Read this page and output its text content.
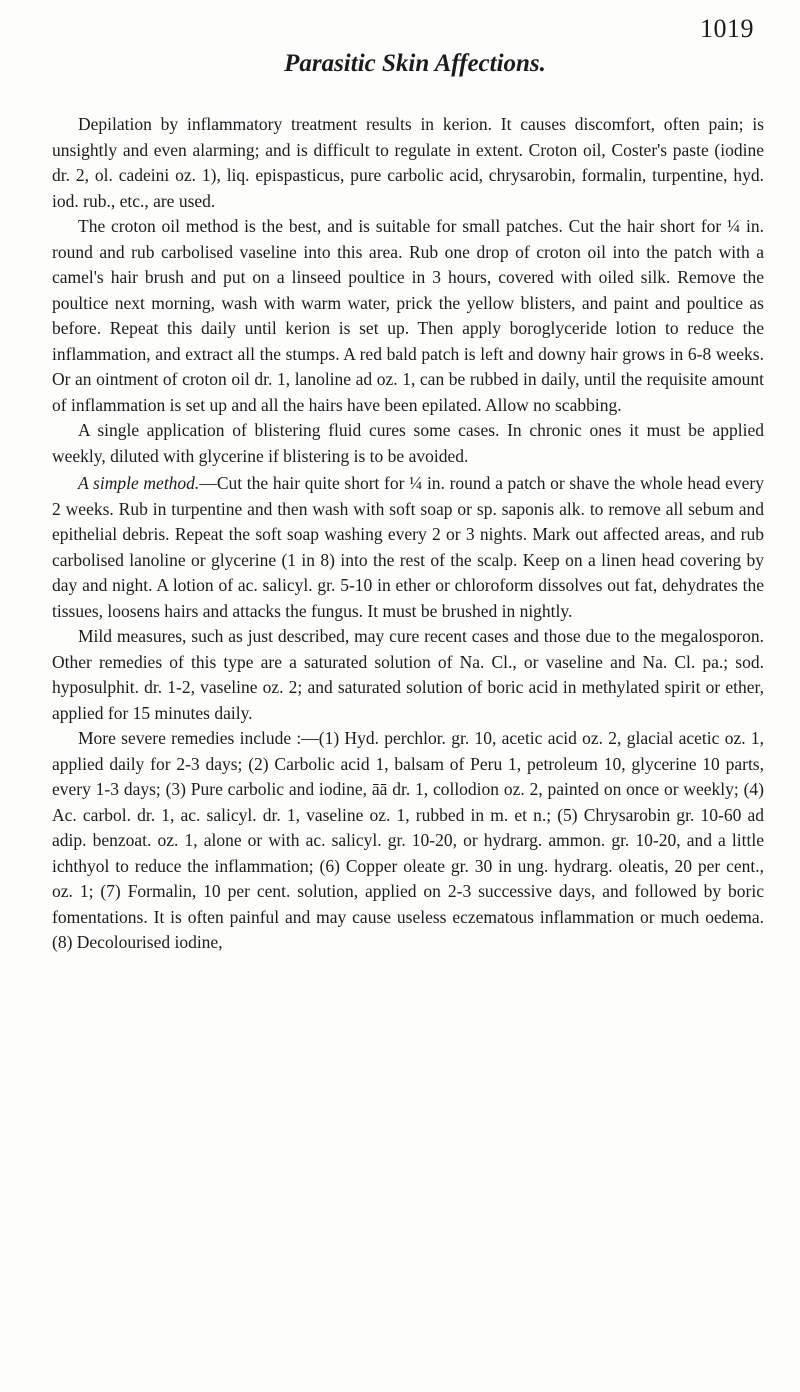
1019
Parasitic Skin Affections.

Depilation by inflammatory treatment results in kerion. It causes discomfort, often pain; is unsightly and even alarming; and is difficult to regulate in extent. Croton oil, Coster's paste (iodine dr. 2, ol. cadeini oz. 1), liq. epispasticus, pure carbolic acid, chrysarobin, formalin, turpentine, hyd. iod. rub., etc., are used.

The croton oil method is the best, and is suitable for small patches. Cut the hair short for ¼ in. round and rub carbolised vaseline into this area. Rub one drop of croton oil into the patch with a camel's hair brush and put on a linseed poultice in 3 hours, covered with oiled silk. Remove the poultice next morning, wash with warm water, prick the yellow blisters, and paint and poultice as before. Repeat this daily until kerion is set up. Then apply boroglyceride lotion to reduce the inflammation, and extract all the stumps. A red bald patch is left and downy hair grows in 6-8 weeks. Or an ointment of croton oil dr. 1, lanoline ad oz. 1, can be rubbed in daily, until the requisite amount of inflammation is set up and all the hairs have been epilated. Allow no scabbing.

A single application of blistering fluid cures some cases. In chronic ones it must be applied weekly, diluted with glycerine if blistering is to be avoided.

A simple method.—Cut the hair quite short for ¼ in. round a patch or shave the whole head every 2 weeks. Rub in turpentine and then wash with soft soap or sp. saponis alk. to remove all sebum and epithelial debris. Repeat the soft soap washing every 2 or 3 nights. Mark out affected areas, and rub carbolised lanoline or glycerine (1 in 8) into the rest of the scalp. Keep on a linen head covering by day and night. A lotion of ac. salicyl. gr. 5-10 in ether or chloroform dissolves out fat, dehydrates the tissues, loosens hairs and attacks the fungus. It must be brushed in nightly.

Mild measures, such as just described, may cure recent cases and those due to the megalosporon. Other remedies of this type are a saturated solution of Na. Cl., or vaseline and Na. Cl. pa.; sod. hyposulphit. dr. 1-2, vaseline oz. 2; and saturated solution of boric acid in methylated spirit or ether, applied for 15 minutes daily.

More severe remedies include :—(1) Hyd. perchlor. gr. 10, acetic acid oz. 2, glacial acetic oz. 1, applied daily for 2-3 days; (2) Carbolic acid 1, balsam of Peru 1, petroleum 10, glycerine 10 parts, every 1-3 days; (3) Pure carbolic and iodine, āā dr. 1, collodion oz. 2, painted on once or weekly; (4) Ac. carbol. dr. 1, ac. salicyl. dr. 1, vaseline oz. 1, rubbed in m. et n.; (5) Chrysarobin gr. 10-60 ad adip. benzoat. oz. 1, alone or with ac. salicyl. gr. 10-20, or hydrarg. ammon. gr. 10-20, and a little ichthyol to reduce the inflammation; (6) Copper oleate gr. 30 in ung. hydrarg. oleatis, 20 per cent., oz. 1; (7) Formalin, 10 per cent. solution, applied on 2-3 successive days, and followed by boric fomentations. It is often painful and may cause useless eczematous inflammation or much oedema. (8) Decolourised iodine,
